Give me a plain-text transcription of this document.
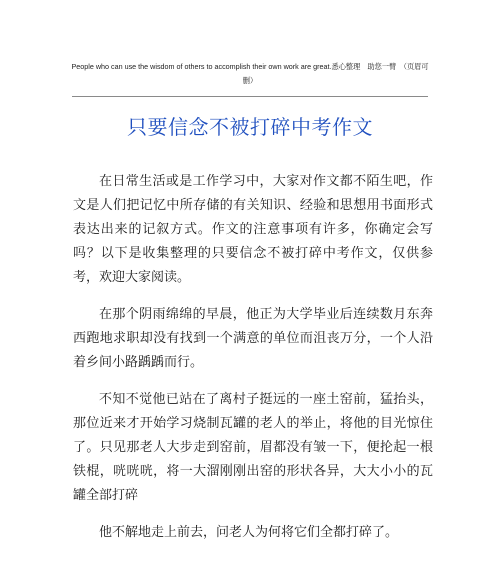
People who can use the wisdom of others to accomplish their own work are great.悉心整理　助您一臂　（页眉可删）
只要信念不被打碎中考作文

在日常生活或是工作学习中，大家对作文都不陌生吧，作文是人们把记忆中所存储的有关知识、经验和思想用书面形式表达出来的记叙方式。作文的注意事项有许多，你确定会写吗？以下是收集整理的只要信念不被打碎中考作文，仅供参考，欢迎大家阅读。

在那个阴雨绵绵的早晨，他正为大学毕业后连续数月东奔西跑地求职却没有找到一个满意的单位而沮丧万分，一个人沿着乡间小路踽踽而行。

不知不觉他已站在了离村子挺远的一座土窑前，猛抬头，那位近来才开始学习烧制瓦罐的老人的举止，将他的目光惊住了。只见那老人大步走到窑前，眉都没有皱一下，便抡起一根铁棍，咣咣咣，将一大溜刚刚出窑的形状各异，大大小小的瓦罐全部打碎

他不解地走上前去，问老人为何将它们全都打碎了。
